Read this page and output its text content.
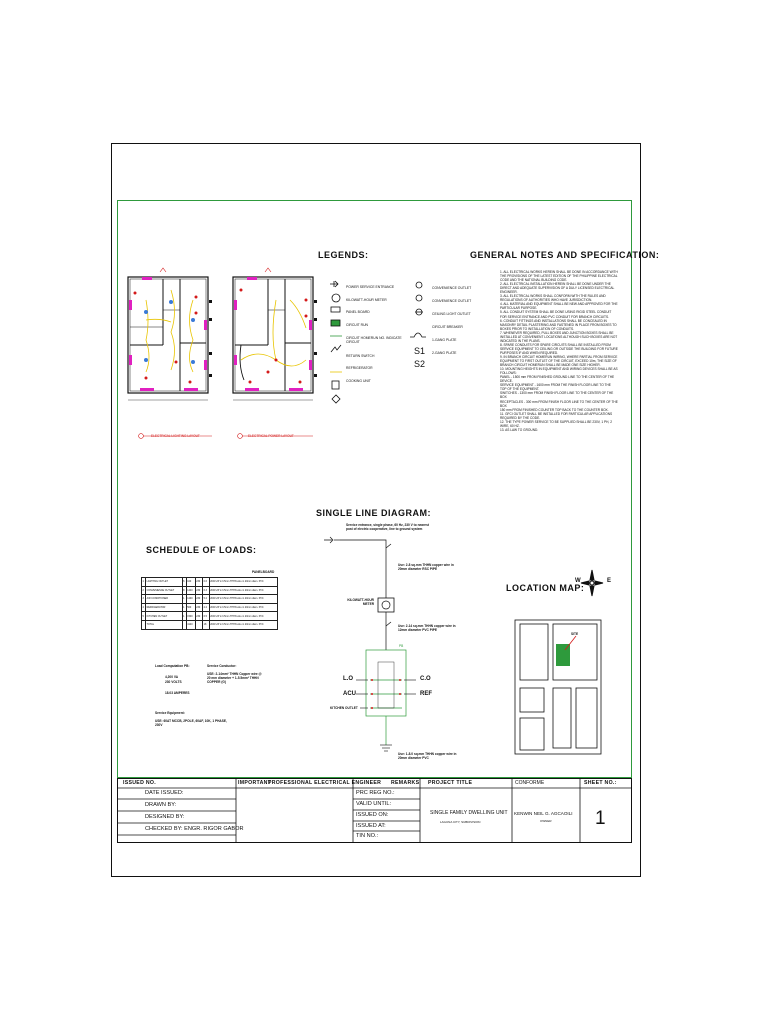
ELECTRICAL LIGHTING LAYOUT	ELECTRICAL POWER LAYOUT
LEGENDS:
POWER SERVICE ENTRANCE
KILOWATT-HOUR METER
PANEL BOARD
CIRCUIT RUN
CIRCUIT HOMERUN NO. INDICATE CIRCUIT
RETURN SWITCH
REFRIGERATOR
COOKING UNIT
CONVENIENCE OUTLET
CONVENIENCE OUTLET
CEILING LIGHT OUTLET
CIRCUIT BREAKER
1-GANG PLATE
2-GANG PLATE
S1
S2
GENERAL NOTES AND SPECIFICATION:

1. ALL ELECTRICAL WORKS HEREIN SHALL BE DONE IN ACCORDANCE WITH THE PROVISIONS OF THE LATEST EDITION OF THE PHILIPPINE ELECTRICAL CODE AND THE NATIONAL BUILDING CODE.

2. ALL ELECTRICAL INSTALLATION HEREIN SHALL BE DONE UNDER THE DIRECT AND ADEQUATE SUPERVISION OF A DULY LICENSED ELECTRICAL ENGINEER.

3. ALL ELECTRICAL WORKS SHALL CONFORM WITH THE RULES AND REGULATIONS OF AUTHORITIES WHO HAVE JURISDICTION.

4. ALL MATERIAL AND EQUIPMENT SHALL BE NEW AND APPROVED FOR THE PARTICULAR PURPOSE.

5. ALL CONDUIT SYSTEM SHALL BE DONE USING RIGID STEEL CONDUIT FOR SERVICE ENTRANCE AND PVC CONDUIT FOR BRANCH CIRCUITS.

6. CONDUIT FITTINGS AND INSTALLATIONS SHALL BE CONCEALED IN MASONRY DETAIL PLASTERING AND FASTENED IN PLACE FROM BOXES TO BOXES PRIOR TO INSTALLATION OF CONDUITS.

7. WHENEVER REQUIRED, PULL BOXES AND JUNCTION BOXES SHALL BE INSTALLED AT CONVENIENT LOCATIONS ALTHOUGH SUCH BOXES ARE NOT INDICATED IN THE PLANS.

8. SPARE CONDUITS FOR SPARE CIRCUITS SHALL BE INSTALLED FROM SERVICE EQUIPMENT TO CEILING OR OUTSIDE THE BUILDING FOR FUTURE PURPOSES IF AND WHEN REQUIRED.

9. IN BRANCH CIRCUIT HOMERUN WIRING, WHERE PARTIAL FROM SERVICE EQUIPMENT TO FIRST OUTLET OF THE CIRCUIT, EXCEED 10m, THE SIZE OF BRANCH CIRCUIT HOMERUN SHALL BE MADE ONE SIZE HIGHER.

10. MOUNTING HEIGHTS IN EQUIPMENT AND WIRING DEVICES SHALL BE AS FOLLOWS:

PANEL - 1500 mm FROM FINISHED GROUND LINE TO THE CENTER OF THE DEVICE.

SERVICE EQUIPMENT - 1600 mm FROM THE FINISH FLOOR LINE TO THE TOP OF THE EQUIPMENT.

SWITCHES - 1300 mm FROM FINISH FLOOR LINE TO THE CENTER OF THE BOX

RECEPTACLES - 300 mm FROM FINISH FLOOR LINE TO THE CENTER OF THE BOX

150 mm FROM FINISHED COUNTER TOP BACK TO THE COUNTER BOX.

11. GFCI OUTLET SHALL BE INSTALLED FOR PARTICULAR APPLICATIONS REQUIRED BY THE CODE.

12. THE TYPE POWER SERVICE TO BE SUPPLIED SHALL BE 230V, 1 PH, 2 WIRE, 60 HZ.

13. AS LAW TO GROUND.

SINGLE LINE DIAGRAM:
Service entrance, single phase, 60 Hz, 230 V to nearest post of electric cooperative, line to ground system
Use: 2-8 sq.mm THHN copper wire in 20mm diameter RSC PIPE
KILOWATT-HOUR METER
Use: 2-14 sq.mm THHN copper wire in 12mm diameter PVC PIPE
PB
L.O
ACU
KITCHEN OUTLET
C.O
REF
Use: 1-8.0 sq.mm THHN copper wire in 20mm diameter PVC
SCHEDULE OF LOADS:
PANELBOARD
1	LIGHTING OUTLET	6	100	230	0.6	20AT-2P 2-3.5mm THHN wire in 20mm diam. PVC
2	CONVENIENCE OUTLET	8	1440	230	6.3	20AT-2P 2-3.5mm THHN wire in 20mm diam. PVC
3	AIR CONDITIONER	1	1200	230	5.2	20AT-2P 2-3.5mm THHN wire in 20mm diam. PVC
4	REFRIGERATOR	1	500	230	2.2	20AT-2P 2-3.5mm THHN wire in 20mm diam. PVC
5	KITCHEN OUTLET	1	1500	230	6.5	20AT-2P 2-3.5mm THHN wire in 20mm diam. PVC
	TOTAL		4140		18	20AT-2P 2-3.5mm THHN wire in 20mm diam. PVC
Load Computation PB:
4,200 VA
230 VOLTS
18.03 AMPERES
Service Conductor:
USE: 2-14mm² THHN Copper wire @ 20 mm diameter + 1-5.5mm² THHN COPPER (G)
Service Equipment:
USE: 60AT MCCB, 2POLE, 60AF, 10K, 1 PHASE, 230V
LOCATION MAP:
W	E
SITE
ISSUED NO.
DATE ISSUED:
DRAWN BY:
DESIGNED BY:
CHECKED BY: ENGR. RIGOR GABOR
IMPORTANT
PROFESSIONAL ELECTRICAL ENGINEER
PRC REG NO.:
VALID UNTIL:
ISSUED ON:
ISSUED AT:
TIN NO.:
REMARKS PROJECT TITLE
SINGLE FAMILY DWELLING UNIT
LAGUNA CITY, SUBDIVISION
CONFORME
KENWIN NEIL G. AGCAOILI
OWNER
SHEET NO.:
1
